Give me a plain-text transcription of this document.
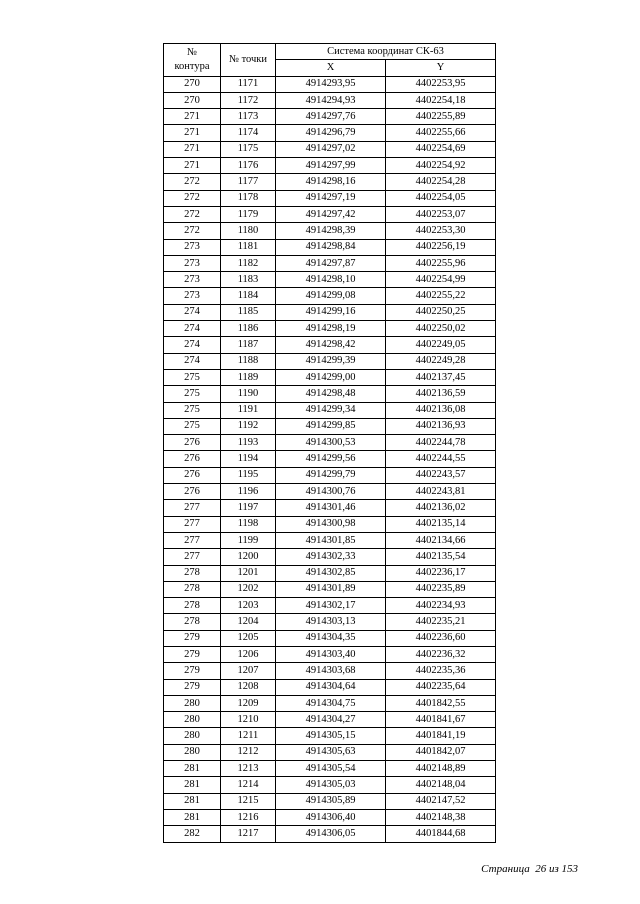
№
контура	№ точки	Система координат СК-63	
		X	Y
270	1171	4914293,95	4402253,95
270	1172	4914294,93	4402254,18
271	1173	4914297,76	4402255,89
271	1174	4914296,79	4402255,66
271	1175	4914297,02	4402254,69
271	1176	4914297,99	4402254,92
272	1177	4914298,16	4402254,28
272	1178	4914297,19	4402254,05
272	1179	4914297,42	4402253,07
272	1180	4914298,39	4402253,30
273	1181	4914298,84	4402256,19
273	1182	4914297,87	4402255,96
273	1183	4914298,10	4402254,99
273	1184	4914299,08	4402255,22
274	1185	4914299,16	4402250,25
274	1186	4914298,19	4402250,02
274	1187	4914298,42	4402249,05
274	1188	4914299,39	4402249,28
275	1189	4914299,00	4402137,45
275	1190	4914298,48	4402136,59
275	1191	4914299,34	4402136,08
275	1192	4914299,85	4402136,93
276	1193	4914300,53	4402244,78
276	1194	4914299,56	4402244,55
276	1195	4914299,79	4402243,57
276	1196	4914300,76	4402243,81
277	1197	4914301,46	4402136,02
277	1198	4914300,98	4402135,14
277	1199	4914301,85	4402134,66
277	1200	4914302,33	4402135,54
278	1201	4914302,85	4402236,17
278	1202	4914301,89	4402235,89
278	1203	4914302,17	4402234,93
278	1204	4914303,13	4402235,21
279	1205	4914304,35	4402236,60
279	1206	4914303,40	4402236,32
279	1207	4914303,68	4402235,36
279	1208	4914304,64	4402235,64
280	1209	4914304,75	4401842,55
280	1210	4914304,27	4401841,67
280	1211	4914305,15	4401841,19
280	1212	4914305,63	4401842,07
281	1213	4914305,54	4402148,89
281	1214	4914305,03	4402148,04
281	1215	4914305,89	4402147,52
281	1216	4914306,40	4402148,38
282	1217	4914306,05	4401844,68
Страница 26 из 153
